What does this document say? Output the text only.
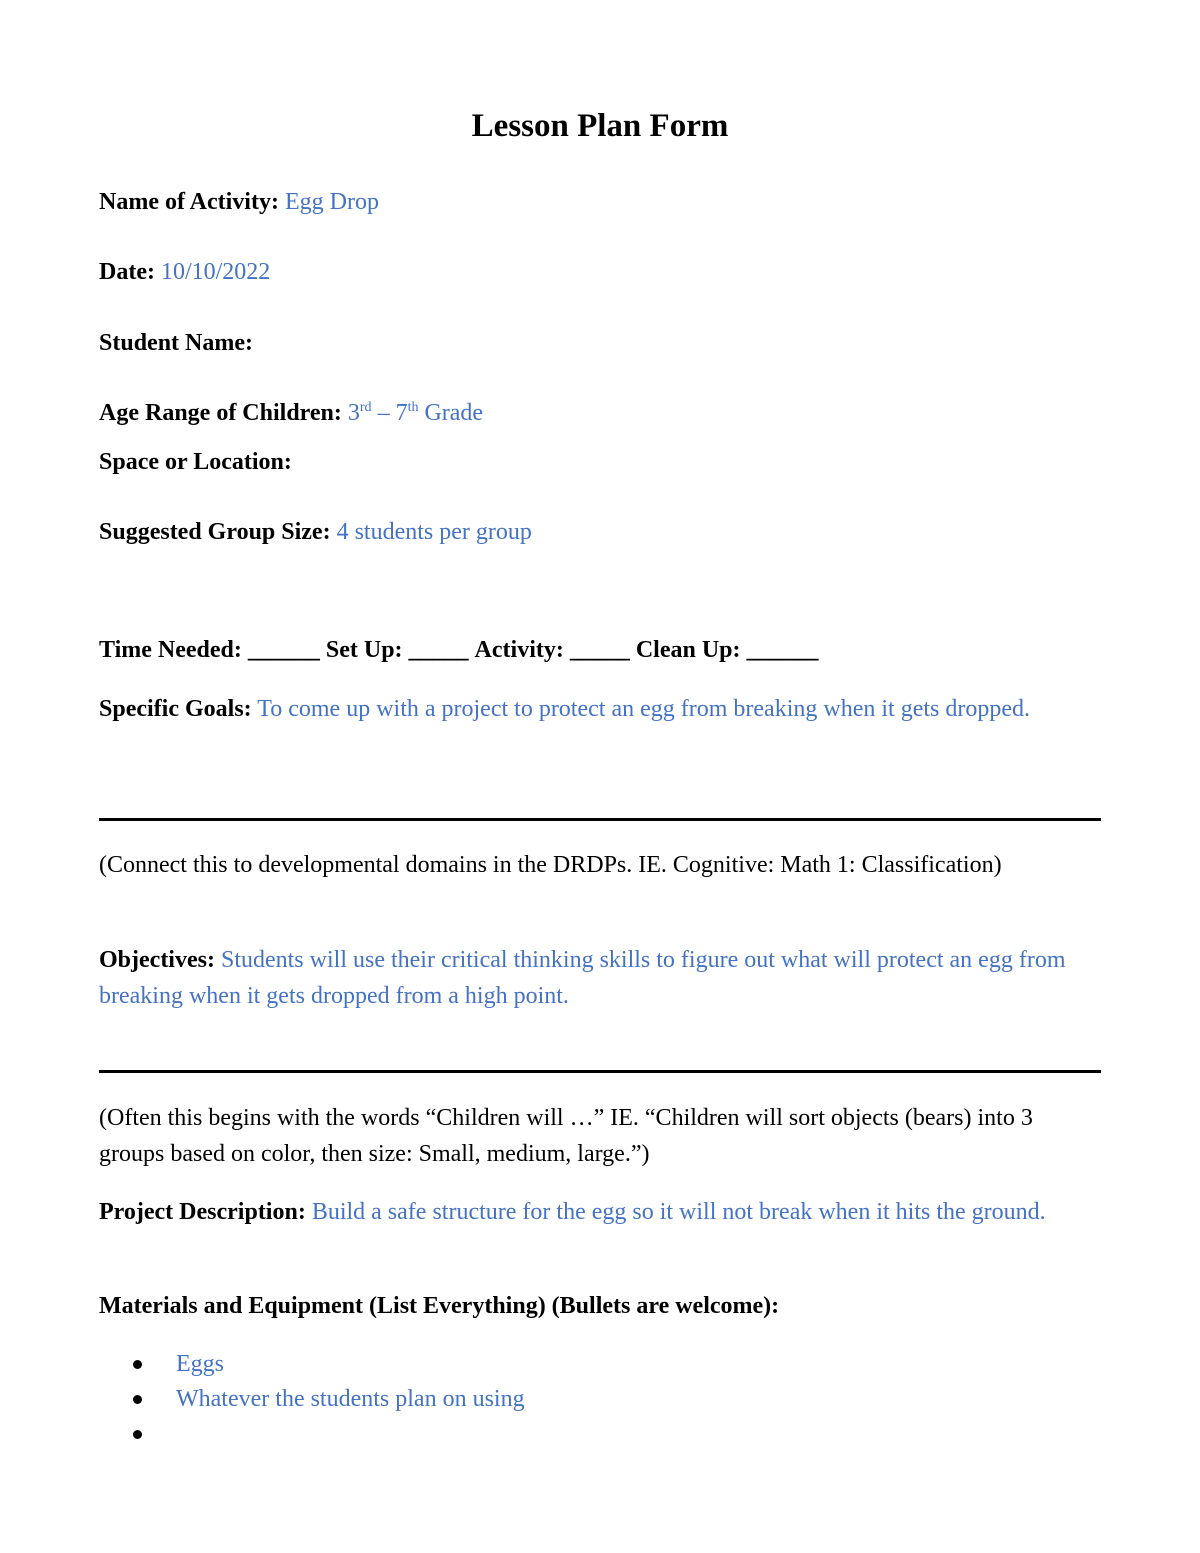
Lesson Plan Form
Name of Activity: Egg Drop
Date: 10/10/2022
Student Name:
Age Range of Children: 3rd – 7th Grade
Space or Location:
Suggested Group Size: 4 students per group
Time Needed: ______ Set Up: _____ Activity: _____ Clean Up: ______
Specific Goals: To come up with a project to protect an egg from breaking when it gets dropped.
(Connect this to developmental domains in the DRDPs. IE. Cognitive: Math 1: Classification)
Objectives: Students will use their critical thinking skills to figure out what will protect an egg from breaking when it gets dropped from a high point.
(Often this begins with the words “Children will …” IE. “Children will sort objects (bears) into 3 groups based on color, then size: Small, medium, large.”)
Project Description: Build a safe structure for the egg so it will not break when it hits the ground.
Materials and Equipment (List Everything) (Bullets are welcome):
Eggs
Whatever the students plan on using
